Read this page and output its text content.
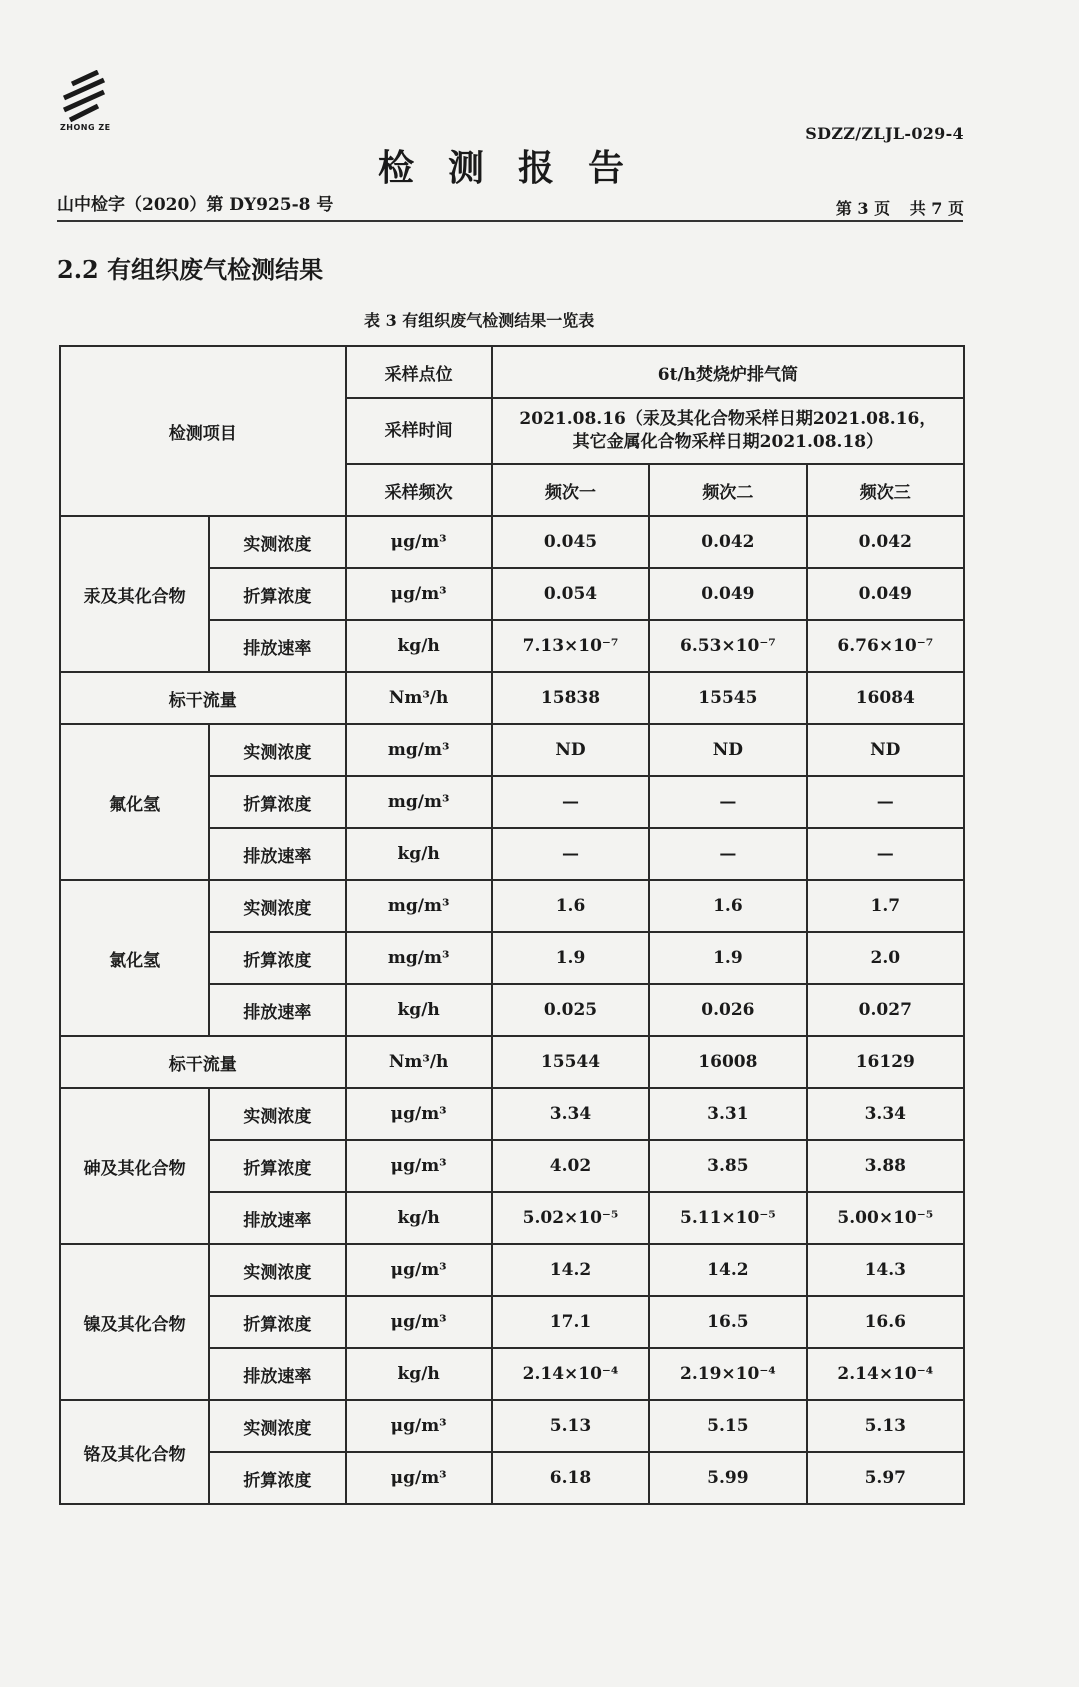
ZHONG ZE	SDZZ/ZLJL-029-4
检测报告
山中检字（2020）第 DY925-8 号	第 3 页 共 7 页
2.2 有组织废气检测结果
表 3 有组织废气检测结果一览表
检测项目		采样点位	6t/h焚烧炉排气筒		
		采样时间	2021.08.16（汞及其化合物采样日期2021.08.16，
其它金属化合物采样日期2021.08.18）		

		采样频次	频次一	频次二	频次三
汞及其化合物	实测浓度	μg/m³	0.045	0.042	0.042
	折算浓度	μg/m³	0.054	0.049	0.049
	排放速率	kg/h	7.13×10⁻⁷	6.53×10⁻⁷	6.76×10⁻⁷
标干流量		Nm³/h	15838	15545	16084
氟化氢	实测浓度	mg/m³	ND	ND	ND
	折算浓度	mg/m³	—	—	—
	排放速率	kg/h	—	—	—
氯化氢	实测浓度	mg/m³	1.6	1.6	1.7
	折算浓度	mg/m³	1.9	1.9	2.0
	排放速率	kg/h	0.025	0.026	0.027
标干流量		Nm³/h	15544	16008	16129
砷及其化合物	实测浓度	μg/m³	3.34	3.31	3.34
	折算浓度	μg/m³	4.02	3.85	3.88
	排放速率	kg/h	5.02×10⁻⁵	5.11×10⁻⁵	5.00×10⁻⁵
镍及其化合物	实测浓度	μg/m³	14.2	14.2	14.3
	折算浓度	μg/m³	17.1	16.5	16.6
	排放速率	kg/h	2.14×10⁻⁴	2.19×10⁻⁴	2.14×10⁻⁴
铬及其化合物	实测浓度	μg/m³	5.13	5.15	5.13
	折算浓度	μg/m³	6.18	5.99	5.97
